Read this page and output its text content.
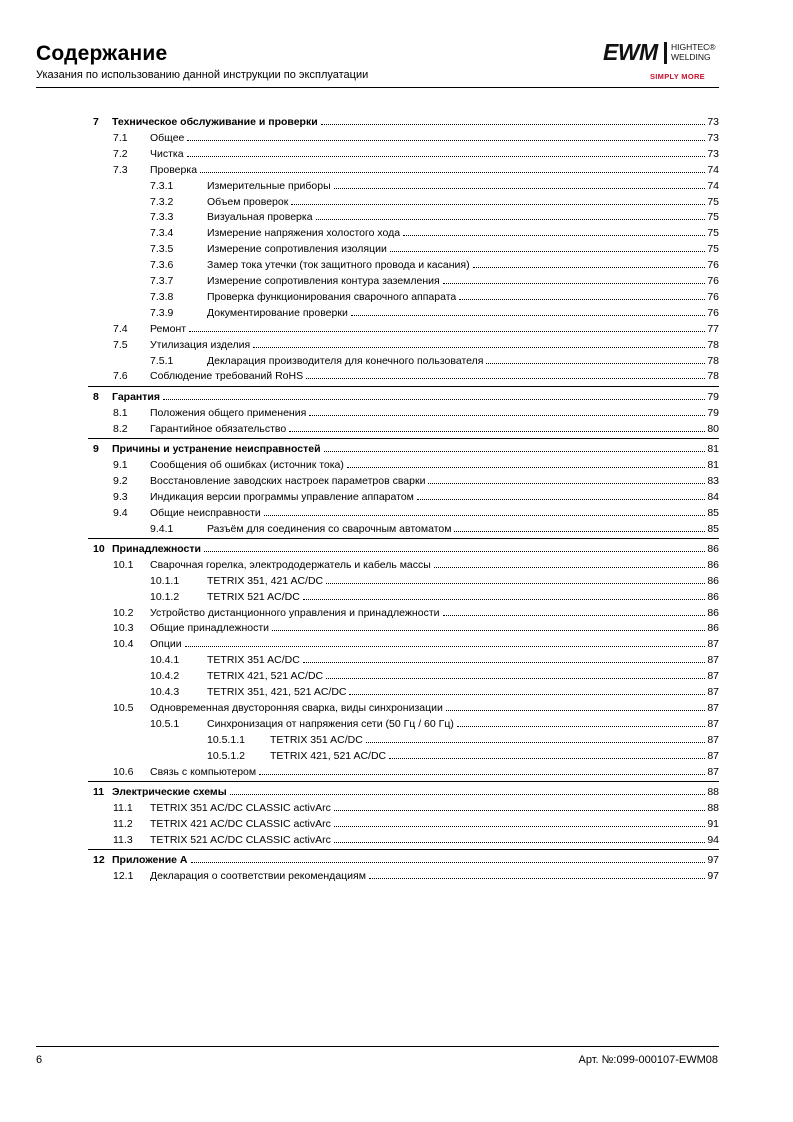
Содержание
Указания по использованию данной инструкции по эксплуатации
EWM HIGHTEC®
WELDING
SIMPLY MORE
7 Техническое обслуживание и проверки	73
7.1 Общее	73
7.2 Чистка	73
7.3 Проверка	74
7.3.1	Измерительные приборы	74
7.3.2	Объем проверок	75
7.3.3	Визуальная проверка	75
7.3.4	Измерение напряжения холостого хода	75
7.3.5	Измерение сопротивления изоляции	75
7.3.6	Замер тока утечки (ток защитного провода и касания)	76
7.3.7	Измерение сопротивления контура заземления	76
7.3.8	Проверка функционирования сварочного аппарата	76
7.3.9	Документирование проверки	76
7.4 Ремонт	77
7.5 Утилизация изделия	78
7.5.1	Декларация производителя для конечного пользователя	78
7.6 Соблюдение требований RoHS	78
8 Гарантия	79
8.1 Положения общего применения	79
8.2 Гарантийное обязательство	80
9 Причины и устранение неисправностей	81
9.1 Сообщения об ошибках (источник тока)	81
9.2 Восстановление заводских настроек параметров сварки	83
9.3 Индикация версии программы управление аппаратом	84
9.4 Общие неисправности	85
9.4.1	Разъём для соединения со сварочным автоматом	85
10 Принадлежности	86
10.1 Сварочная горелка, электрододержатель и кабель массы	86
10.1.1	TETRIX 351, 421 AC/DC	86
10.1.2	TETRIX 521 AC/DC	86
10.2 Устройство дистанционного управления и принадлежности	86
10.3 Общие принадлежности	86
10.4 Опции	87
10.4.1	TETRIX 351 AC/DC	87
10.4.2	TETRIX 421, 521 AC/DC	87
10.4.3	TETRIX 351, 421, 521 AC/DC	87
10.5 Одновременная двусторонняя сварка, виды синхронизации	87
10.5.1	Синхронизация от напряжения сети (50 Гц / 60 Гц)	87
10.5.1.1 TETRIX 351 AC/DC	87
10.5.1.2 TETRIX 421, 521 AC/DC	87
10.6 Связь с компьютером	87
11 Электрические схемы	88
11.1 TETRIX 351 AC/DC CLASSIC activArc	88
11.2 TETRIX 421 AC/DC CLASSIC activArc	91
11.3 TETRIX 521 AC/DC CLASSIC activArc	94
12 Приложение A	97
12.1 Декларация о соответствии рекомендациям	97
6	Арт. №:099-000107-EWM08
